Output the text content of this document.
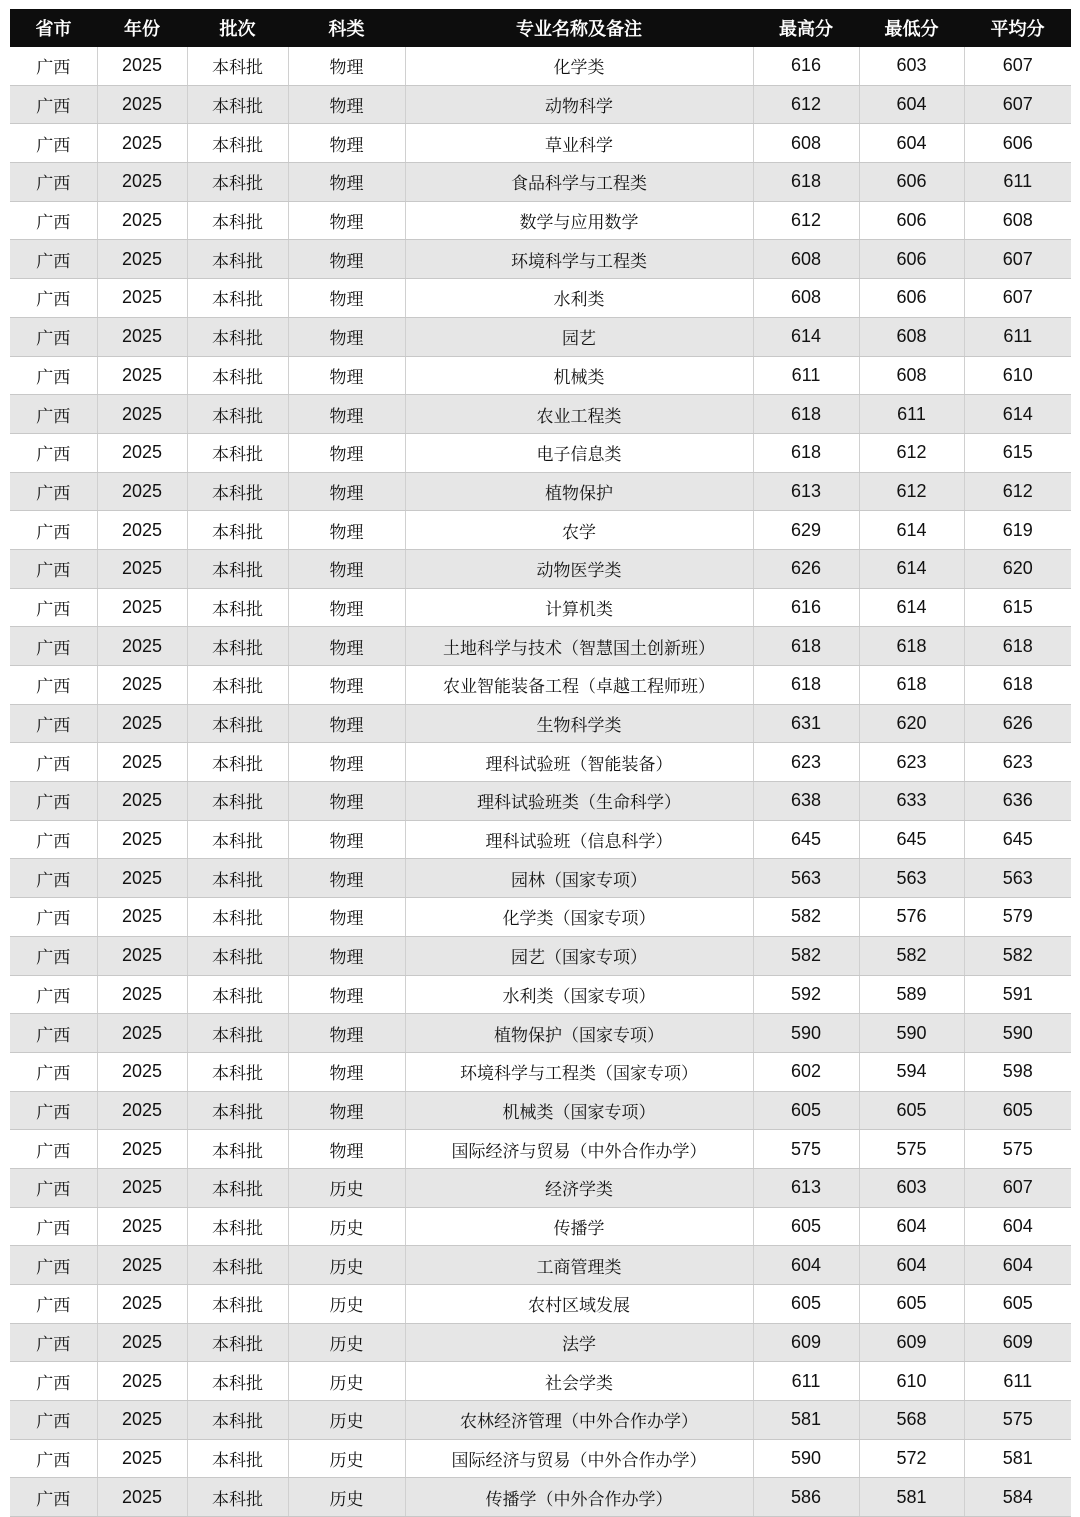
省市	年份	批次	科类	专业名称及备注	最高分	最低分	平均分
广西	2025	本科批	物理	化学类	616	603	607
广西	2025	本科批	物理	动物科学	612	604	607
广西	2025	本科批	物理	草业科学	608	604	606
广西	2025	本科批	物理	食品科学与工程类	618	606	611
广西	2025	本科批	物理	数学与应用数学	612	606	608
广西	2025	本科批	物理	环境科学与工程类	608	606	607
广西	2025	本科批	物理	水利类	608	606	607
广西	2025	本科批	物理	园艺	614	608	611
广西	2025	本科批	物理	机械类	611	608	610
广西	2025	本科批	物理	农业工程类	618	611	614
广西	2025	本科批	物理	电子信息类	618	612	615
广西	2025	本科批	物理	植物保护	613	612	612
广西	2025	本科批	物理	农学	629	614	619
广西	2025	本科批	物理	动物医学类	626	614	620
广西	2025	本科批	物理	计算机类	616	614	615
广西	2025	本科批	物理	土地科学与技术（智慧国土创新班）	618	618	618
广西	2025	本科批	物理	农业智能装备工程（卓越工程师班）	618	618	618
广西	2025	本科批	物理	生物科学类	631	620	626
广西	2025	本科批	物理	理科试验班（智能装备）	623	623	623
广西	2025	本科批	物理	理科试验班类（生命科学）	638	633	636
广西	2025	本科批	物理	理科试验班（信息科学）	645	645	645
广西	2025	本科批	物理	园林（国家专项）	563	563	563
广西	2025	本科批	物理	化学类（国家专项）	582	576	579
广西	2025	本科批	物理	园艺（国家专项）	582	582	582
广西	2025	本科批	物理	水利类（国家专项）	592	589	591
广西	2025	本科批	物理	植物保护（国家专项）	590	590	590
广西	2025	本科批	物理	环境科学与工程类（国家专项）	602	594	598
广西	2025	本科批	物理	机械类（国家专项）	605	605	605
广西	2025	本科批	物理	国际经济与贸易（中外合作办学）	575	575	575
广西	2025	本科批	历史	经济学类	613	603	607
广西	2025	本科批	历史	传播学	605	604	604
广西	2025	本科批	历史	工商管理类	604	604	604
广西	2025	本科批	历史	农村区域发展	605	605	605
广西	2025	本科批	历史	法学	609	609	609
广西	2025	本科批	历史	社会学类	611	610	611
广西	2025	本科批	历史	农林经济管理（中外合作办学）	581	568	575
广西	2025	本科批	历史	国际经济与贸易（中外合作办学）	590	572	581
广西	2025	本科批	历史	传播学（中外合作办学）	586	581	584
